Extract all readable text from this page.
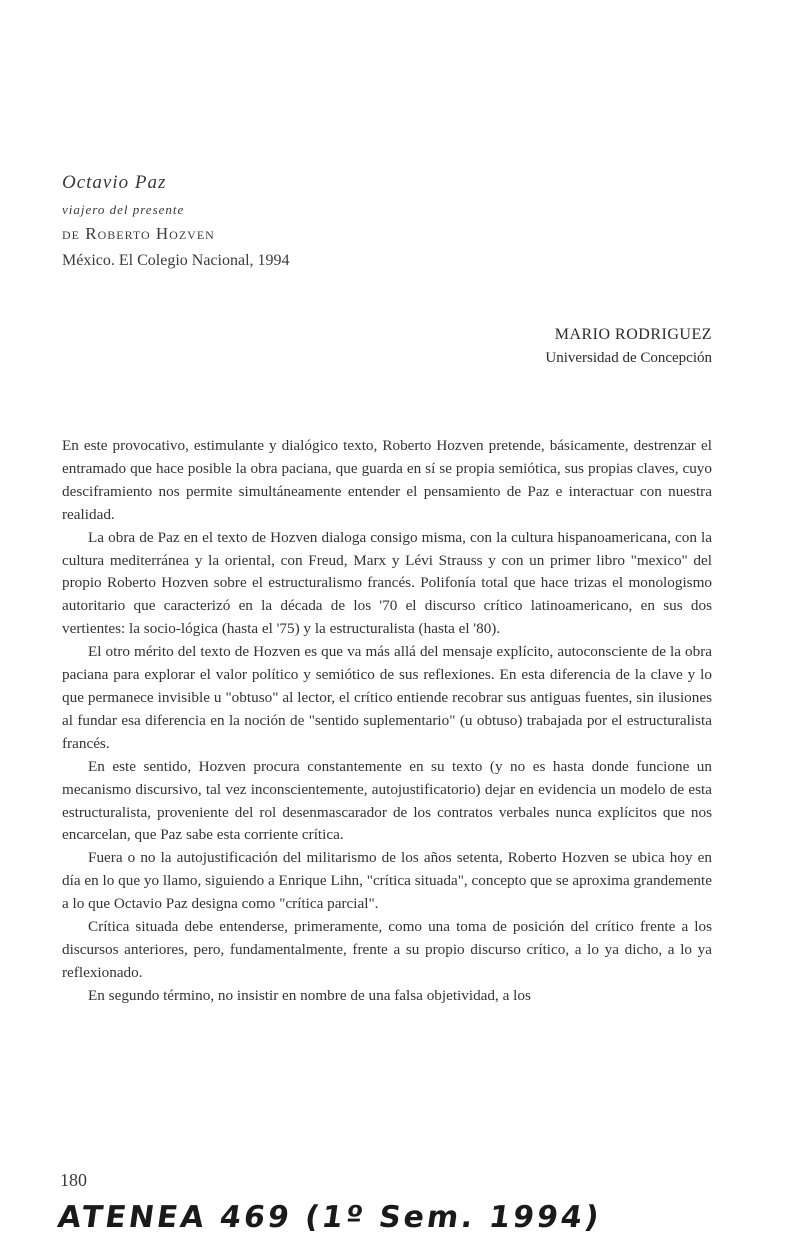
Octavio Paz

viajero del presente

de Roberto Hozven

México. El Colegio Nacional, 1994

MARIO RODRIGUEZ

Universidad de Concepción

En este provocativo, estimulante y dialógico texto, Roberto Hozven pretende, básicamente, destrenzar el entramado que hace posible la obra paciana, que guarda en sí se propia semiótica, sus propias claves, cuyo desciframiento nos permite simultáneamente entender el pensamiento de Paz e interactuar con nuestra realidad.

La obra de Paz en el texto de Hozven dialoga consigo misma, con la cultura hispanoamericana, con la cultura mediterránea y la oriental, con Freud, Marx y Lévi Strauss y con un primer libro "mexico" del propio Roberto Hozven sobre el estructuralismo francés. Polifonía total que hace trizas el monologismo autoritario que caracterizó en la década de los '70 el discurso crítico latinoamericano, en sus dos vertientes: la socio-lógica (hasta el '75) y la estructuralista (hasta el '80).

El otro mérito del texto de Hozven es que va más allá del mensaje explícito, autoconsciente de la obra paciana para explorar el valor político y semiótico de sus reflexiones. En esta diferencia de la clave y lo que permanece invisible u "obtuso" al lector, el crítico entiende recobrar sus antiguas fuentes, sin ilusiones al fundar esa diferencia en la noción de "sentido suplementario" (u obtuso) trabajada por el estructuralista francés.

En este sentido, Hozven procura constantemente en su texto (y no es hasta donde funcione un mecanismo discursivo, tal vez inconscientemente, autojustificatorio) dejar en evidencia un modelo de esta estructuralista, proveniente del rol desenmascarador de los contratos verbales nunca explícitos que nos encarcelan, que Paz sabe esta corriente crítica.

Fuera o no la autojustificación del militarismo de los años setenta, Roberto Hozven se ubica hoy en día en lo que yo llamo, siguiendo a Enrique Lihn, "crítica situada", concepto que se aproxima grandemente a lo que Octavio Paz designa como "crítica parcial".

Crítica situada debe entenderse, primeramente, como una toma de posición del crítico frente a los discursos anteriores, pero, fundamentalmente, frente a su propio discurso crítico, a lo ya dicho, a lo ya reflexionado.

En segundo término, no insistir en nombre de una falsa objetividad, a los

180
ATENEA 469 (1º Sem. 1994)
